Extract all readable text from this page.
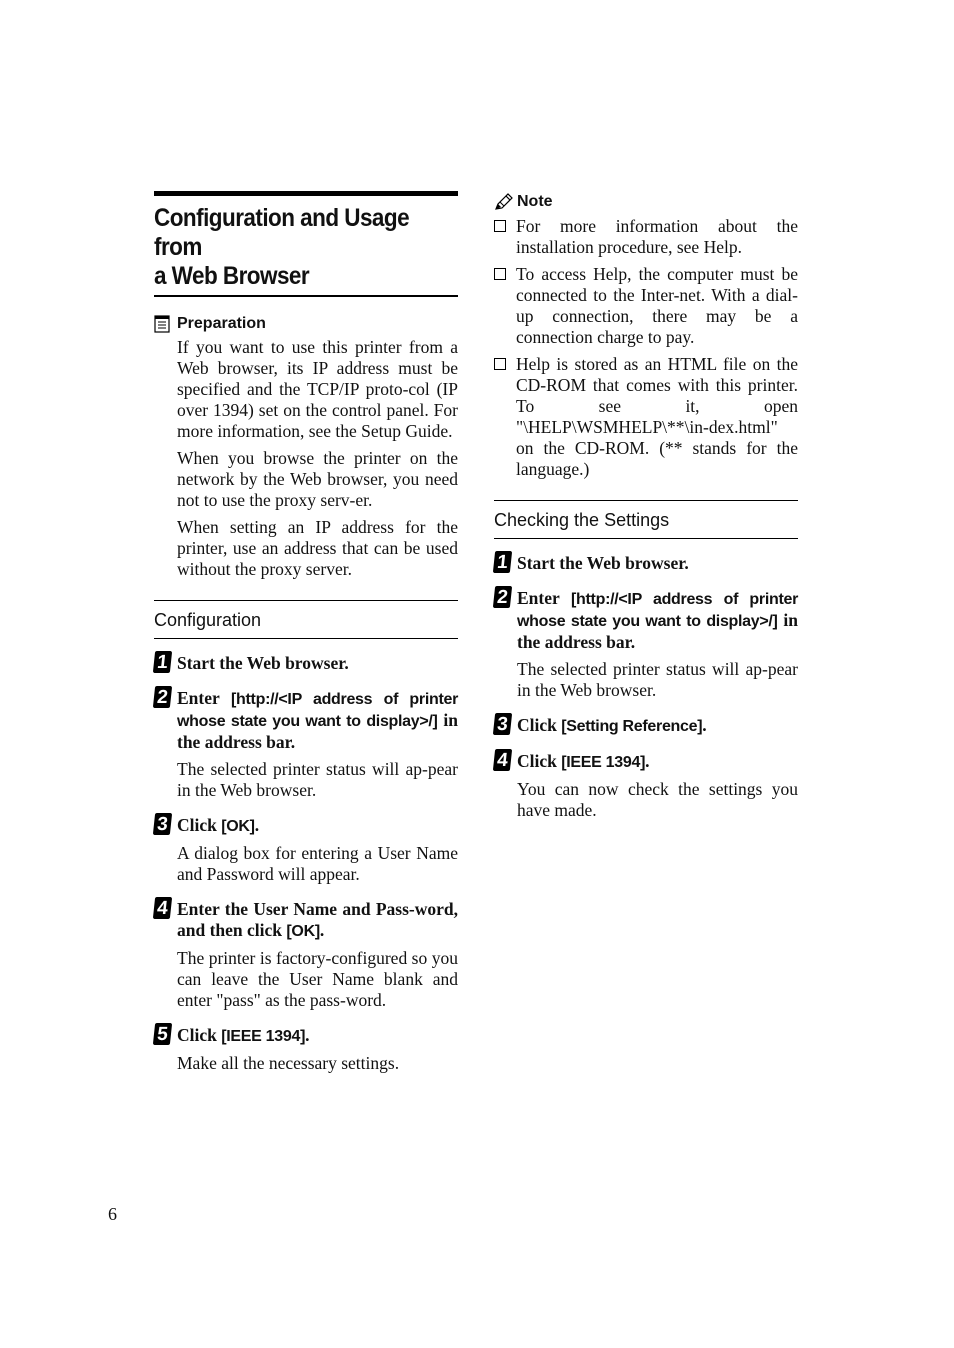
Configuration and Usage from
a Web Browser
Preparation

If you want to use this printer from a Web browser, its IP address must be specified and the TCP/IP proto-col (IP over 1394) set on the control panel. For more information, see the Setup Guide.

When you browse the printer on the network by the Web browser, you need not to use the proxy serv-er.

When setting an IP address for the printer, use an address that can be used without the proxy server.

Configuration
1 Start the Web browser.
2 Enter [http://<IP address of printer whose state you want to display>/] in the address bar.

The selected printer status will ap-pear in the Web browser.

3 Click [OK].

A dialog box for entering a User Name and Password will appear.

4 Enter the User Name and Pass-word, and then click [OK].

The printer is factory-configured so you can leave the User Name blank and enter "pass" as the pass-word.

5 Click [IEEE 1394].

Make all the necessary settings.

Note
For more information about the installation procedure, see Help.
To access Help, the computer must be connected to the Inter-net. With a dial-up connection, there may be a connection charge to pay.
Help is stored as an HTML file on the CD-ROM that comes with this printer. To see it, open "\HELP\WSMHELP\**\in-dex.html" on the CD-ROM. (** stands for the language.)
Checking the Settings
1 Start the Web browser.
2 Enter [http://<IP address of printer whose state you want to display>/] in the address bar.

The selected printer status will ap-pear in the Web browser.

3 Click [Setting Reference].
4 Click [IEEE 1394].

You can now check the settings you have made.

6
